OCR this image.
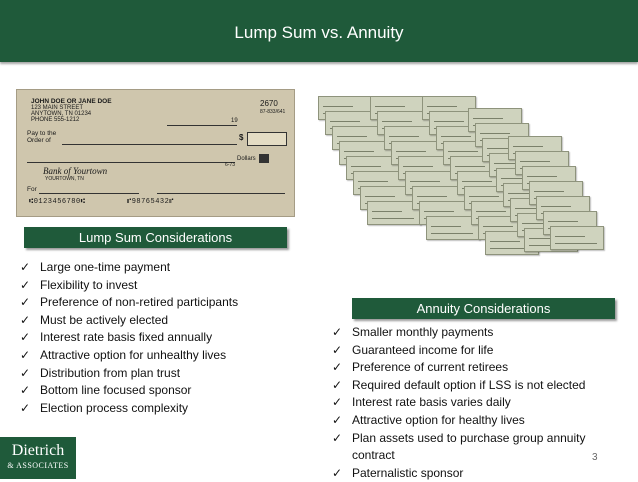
Lump Sum vs. Annuity
JOHN DOE OR JANE DOE
123 MAIN STREET
ANYTOWN, TN 01234
PHONE 555-1212
2670
87-833/641
19
Pay to the
Order of	$
Dollars
Bank of Yourtown
YOURTOWN, TN
6-73
For
⑆0123456780⑆	⑈98765432⑈
Lump Sum Considerations
✓ Large one-time payment
✓ Flexibility to invest
✓ Preference of non-retired participants
✓ Must be actively elected
✓ Interest rate basis fixed annually
✓ Attractive option for unhealthy lives
✓ Distribution from plan trust
✓ Bottom line focused sponsor
✓ Election process complexity
Annuity Considerations
✓ Smaller monthly payments
✓ Guaranteed income for life
✓ Preference of current retirees
✓ Required default option if LSS is not elected
✓ Interest rate basis varies daily
✓ Attractive option for healthy lives
✓ Plan assets used to purchase group annuity contract
✓ Paternalistic sponsor
Dietrich
& ASSOCIATES
3
